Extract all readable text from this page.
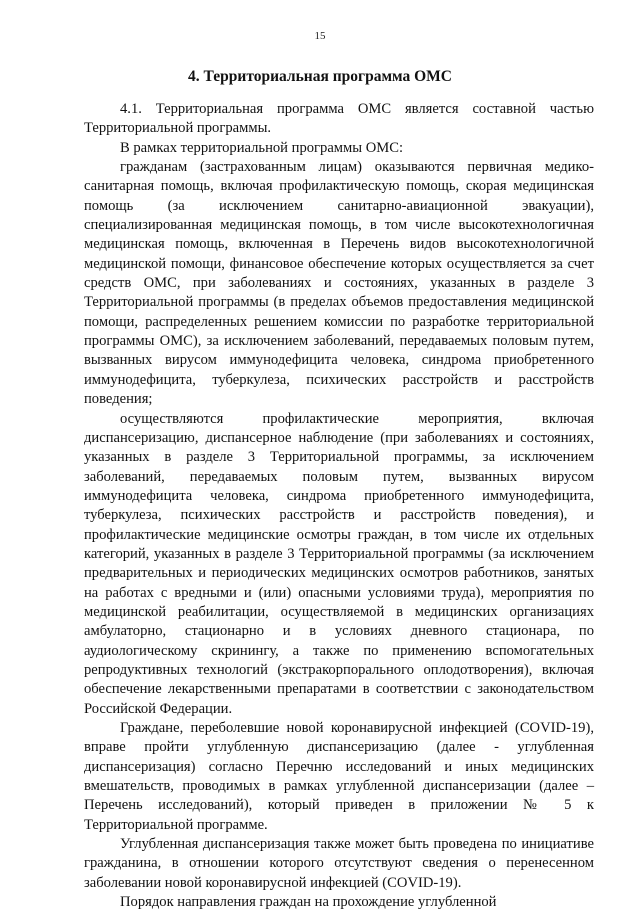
15
4. Территориальная программа ОМС

4.1. Территориальная программа ОМС является составной частью Территориальной программы.

В рамках территориальной программы ОМС:

гражданам (застрахованным лицам) оказываются первичная медико-санитарная помощь, включая профилактическую помощь, скорая медицинская помощь (за исключением санитарно-авиационной эвакуации), специализированная медицинская помощь, в том числе высокотехнологичная медицинская помощь, включенная в Перечень видов высокотехнологичной медицинской помощи, финансовое обеспечение которых осуществляется за счет средств ОМС, при заболеваниях и состояниях, указанных в разделе 3 Территориальной программы (в пределах объемов предоставления медицинской помощи, распределенных решением комиссии по разработке территориальной программы ОМС), за исключением заболеваний, передаваемых половым путем, вызванных вирусом иммунодефицита человека, синдрома приобретенного иммунодефицита, туберкулеза, психических расстройств и расстройств поведения;

осуществляются профилактические мероприятия, включая диспансеризацию, диспансерное наблюдение (при заболеваниях и состояниях, указанных в разделе 3 Территориальной программы, за исключением заболеваний, передаваемых половым путем, вызванных вирусом иммунодефицита человека, синдрома приобретенного иммунодефицита, туберкулеза, психических расстройств и расстройств поведения), и профилактические медицинские осмотры граждан, в том числе их отдельных категорий, указанных в разделе 3 Территориальной программы (за исключением предварительных и периодических медицинских осмотров работников, занятых на работах с вредными и (или) опасными условиями труда), мероприятия по медицинской реабилитации, осуществляемой в медицинских организациях амбулаторно, стационарно и в условиях дневного стационара, по аудиологическому скринингу, а также по применению вспомогательных репродуктивных технологий (экстракорпорального оплодотворения), включая обеспечение лекарственными препаратами в соответствии с законодательством Российской Федерации.

Граждане, переболевшие новой коронавирусной инфекцией (COVID-19), вправе пройти углубленную диспансеризацию (далее - углубленная диспансеризация) согласно Перечню исследований и иных медицинских вмешательств, проводимых в рамках углубленной диспансеризации (далее – Перечень исследований), который приведен в приложении № 5 к Территориальной программе.

Углубленная диспансеризация также может быть проведена по инициативе гражданина, в отношении которого отсутствуют сведения о перенесенном заболевании новой коронавирусной инфекцией (COVID-19).

Порядок направления граждан на прохождение углубленной
